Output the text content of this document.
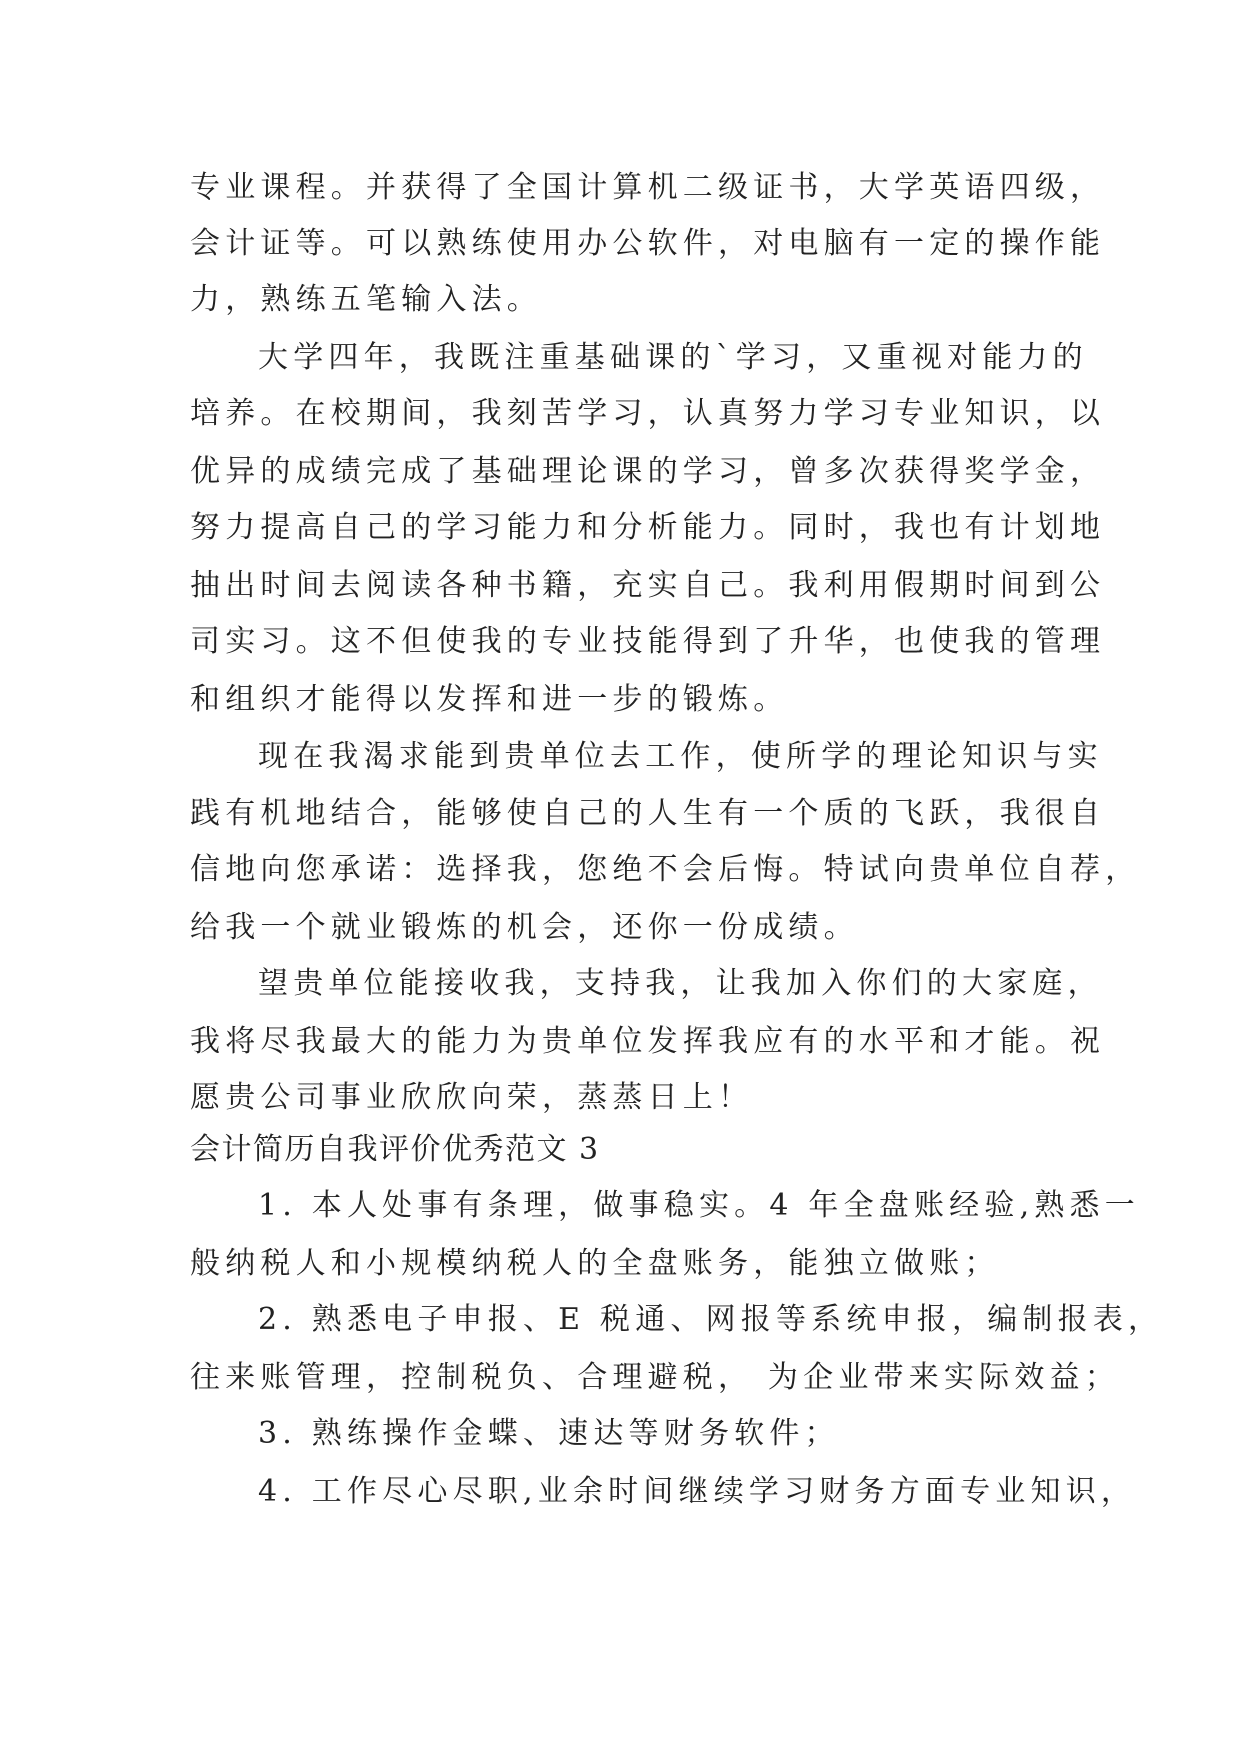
专业课程。并获得了全国计算机二级证书，大学英语四级，
会计证等。可以熟练使用办公软件，对电脑有一定的操作能
力，熟练五笔输入法。
大学四年，我既注重基础课的`学习，又重视对能力的
培养。在校期间，我刻苦学习，认真努力学习专业知识，以
优异的成绩完成了基础理论课的学习，曾多次获得奖学金，
努力提高自己的学习能力和分析能力。同时，我也有计划地
抽出时间去阅读各种书籍，充实自己。我利用假期时间到公
司实习。这不但使我的专业技能得到了升华，也使我的管理
和组织才能得以发挥和进一步的锻炼。
现在我渴求能到贵单位去工作，使所学的理论知识与实
践有机地结合，能够使自己的人生有一个质的飞跃，我很自
信地向您承诺：选择我，您绝不会后悔。特试向贵单位自荐，
给我一个就业锻炼的机会，还你一份成绩。
望贵单位能接收我，支持我，让我加入你们的大家庭，
我将尽我最大的能力为贵单位发挥我应有的水平和才能。祝
愿贵公司事业欣欣向荣，蒸蒸日上！
会计简历自我评价优秀范文 3
1. 本人处事有条理，做事稳实。4 年全盘账经验,熟悉一
般纳税人和小规模纳税人的全盘账务，能独立做账；
2. 熟悉电子申报、E 税通、网报等系统申报，编制报表，
往来账管理，控制税负、合理避税， 为企业带来实际效益；
3. 熟练操作金蝶、速达等财务软件；
4. 工作尽心尽职,业余时间继续学习财务方面专业知识，
